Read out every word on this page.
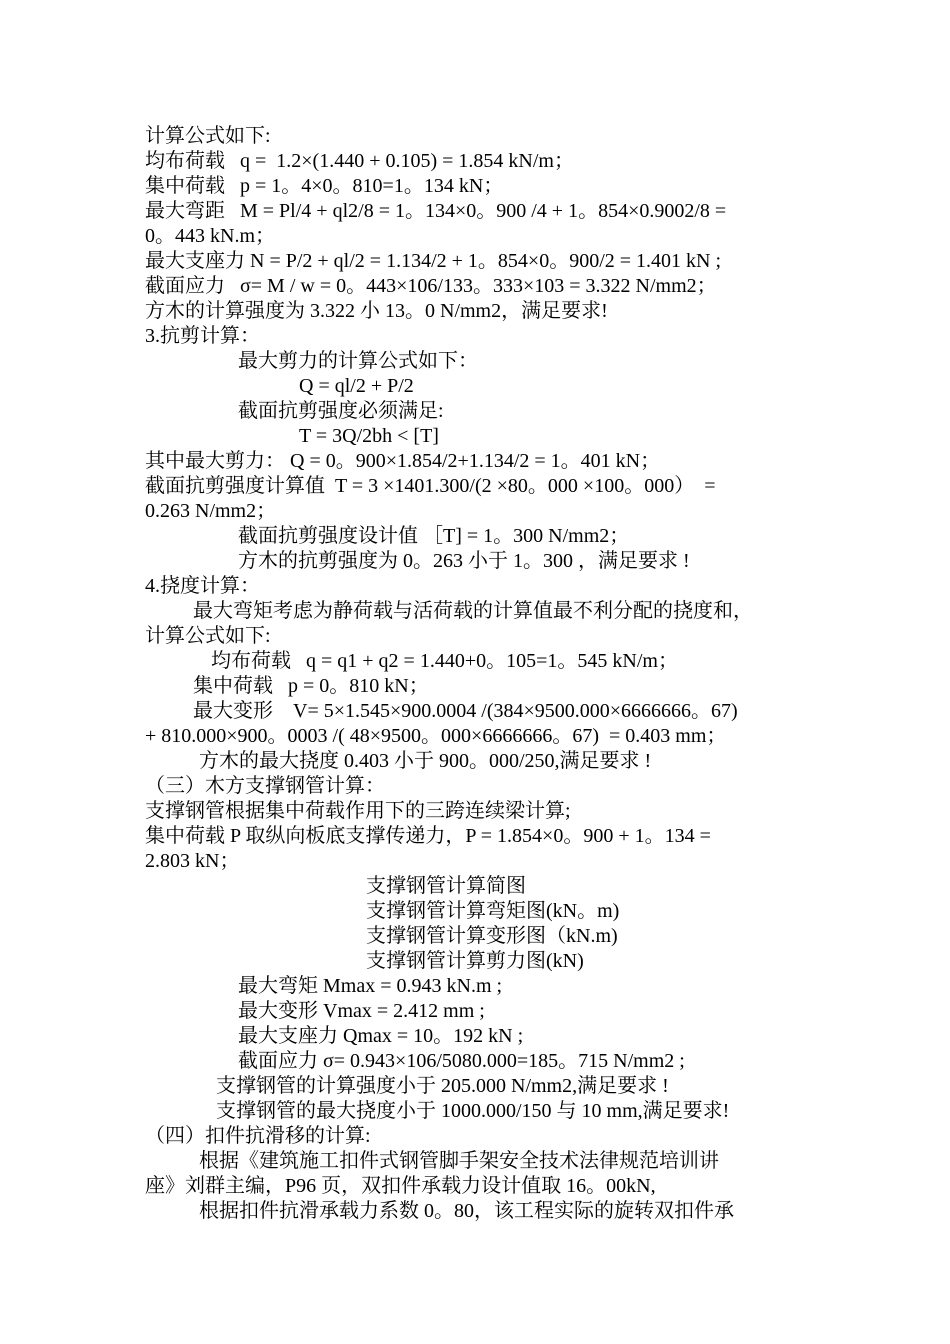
计算公式如下:
均布荷载   q =  1.2×(1.440 + 0.105) = 1.854 kN/m；
集中荷载   p = 1。4×0。810=1。134 kN；
最大弯距   M = Pl/4 + ql2/8 = 1。134×0。900 /4 + 1。854×0.9002/8 =
0。443 kN.m；
最大支座力 N = P/2 + ql/2 = 1.134/2 + 1。854×0。900/2 = 1.401 kN ;
截面应力   σ= M / w = 0。443×106/133。333×103 = 3.322 N/mm2；
方木的计算强度为 3.322 小 13。0 N/mm2，满足要求!
3.抗剪计算：
最大剪力的计算公式如下：
Q = ql/2 + P/2
截面抗剪强度必须满足:
T = 3Q/2bh < [T]
其中最大剪力： Q = 0。900×1.854/2+1.134/2 = 1。401 kN；
截面抗剪强度计算值  T = 3 ×1401.300/(2 ×80。000 ×100。000）  =
0.263 N/mm2；
截面抗剪强度设计值 ［T] = 1。300 N/mm2；
方木的抗剪强度为 0。263 小于 1。300 ，满足要求 !
4.挠度计算：
最大弯矩考虑为静荷载与活荷载的计算值最不利分配的挠度和，
计算公式如下:
均布荷载   q = q1 + q2 = 1.440+0。105=1。545 kN/m；
集中荷载   p = 0。810 kN；
最大变形    V= 5×1.545×900.0004 /(384×9500.000×6666666。67)
+ 810.000×900。0003 /( 48×9500。000×6666666。67)  = 0.403 mm；
方木的最大挠度 0.403 小于 900。000/250,满足要求 !
（三）木方支撑钢管计算：
支撑钢管根据集中荷载作用下的三跨连续梁计算;
集中荷载 P 取纵向板底支撑传递力，P = 1.854×0。900 + 1。134 =
2.803 kN；
支撑钢管计算简图
支撑钢管计算弯矩图(kN。m)
支撑钢管计算变形图（kN.m)
支撑钢管计算剪力图(kN)
最大弯矩 Mmax = 0.943 kN.m ;
最大变形 Vmax = 2.412 mm ;
最大支座力 Qmax = 10。192 kN ;
截面应力 σ= 0.943×106/5080.000=185。715 N/mm2 ;
支撑钢管的计算强度小于 205.000 N/mm2,满足要求 !
支撑钢管的最大挠度小于 1000.000/150 与 10 mm,满足要求!
（四）扣件抗滑移的计算:
根据《建筑施工扣件式钢管脚手架安全技术法律规范培训讲
座》刘群主编，P96 页，双扣件承载力设计值取 16。00kN,
根据扣件抗滑承载力系数 0。80，该工程实际的旋转双扣件承
